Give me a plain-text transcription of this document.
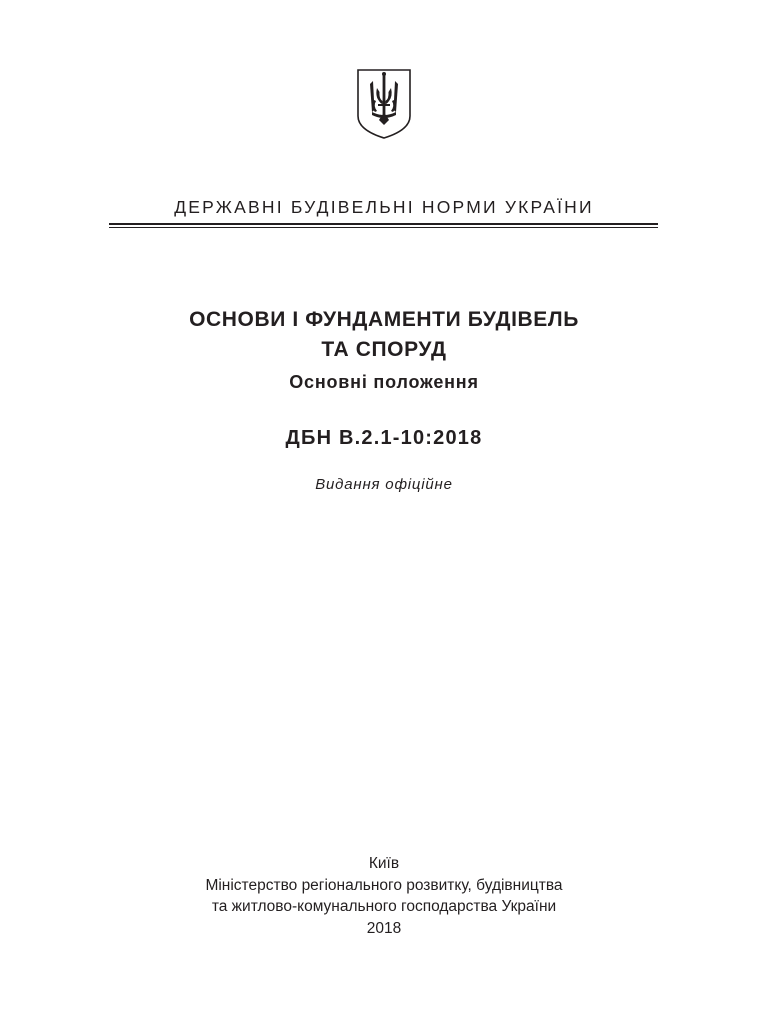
ДЕРЖАВНІ БУДІВЕЛЬНІ НОРМИ УКРАЇНИ
ОСНОВИ І ФУНДАМЕНТИ БУДІВЕЛЬ
ТА СПОРУД
Основні положення
ДБН В.2.1-10:2018
Видання офіційне
Київ
Міністерство регіонального розвитку, будівництва
та житлово-комунального господарства України
2018
